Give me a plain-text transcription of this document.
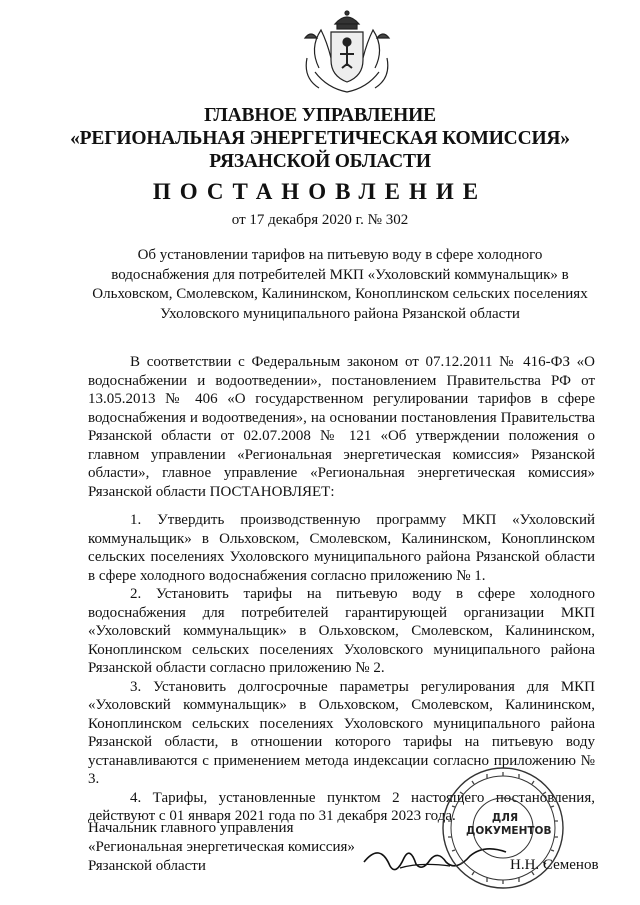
ГЛАВНОЕ УПРАВЛЕНИЕ
«РЕГИОНАЛЬНАЯ ЭНЕРГЕТИЧЕСКАЯ КОМИССИЯ»
РЯЗАНСКОЙ ОБЛАСТИ
ПОСТАНОВЛЕНИЕ
от 17 декабря 2020 г. № 302
Об установлении тарифов на питьевую воду в сфере холодного
водоснабжения для потребителей МКП «Ухоловский коммунальщик» в
Ольховском, Смолевском, Калининском, Коноплинском сельских поселениях
Ухоловского муниципального района Рязанской области
В соответствии с Федеральным законом от 07.12.2011 № 416-ФЗ «О водоснабжении и водоотведении», постановлением Правительства РФ от 13.05.2013 № 406 «О государственном регулировании тарифов в сфере водоснабжения и водоотведения», на основании постановления Правительства Рязанской области от 02.07.2008 № 121 «Об утверждении положения о главном управлении «Региональная энергетическая комиссия» Рязанской области», главное управление «Региональная энергетическая комиссия» Рязанской области ПОСТАНОВЛЯЕТ:

1. Утвердить производственную программу МКП «Ухоловский коммунальщик» в Ольховском, Смолевском, Калининском, Коноплинском сельских поселениях Ухоловского муниципального района Рязанской области в сфере холодного водоснабжения согласно приложению № 1.

2. Установить тарифы на питьевую воду в сфере холодного водоснабжения для потребителей гарантирующей организации МКП «Ухоловский коммунальщик» в Ольховском, Смолевском, Калининском, Коноплинском сельских поселениях Ухоловского муниципального района Рязанской области согласно приложению № 2.

3. Установить долгосрочные параметры регулирования для МКП «Ухоловский коммунальщик» в Ольховском, Смолевском, Калининском, Коноплинском сельских поселениях Ухоловского муниципального района Рязанской области, в отношении которого тарифы на питьевую воду устанавливаются с применением метода индексации согласно приложению № 3.

4. Тарифы, установленные пунктом 2 настоящего постановления, действуют с 01 января 2021 года по 31 декабря 2023 года.

Начальник главного управления
«Региональная энергетическая комиссия»
Рязанской области
ДЛЯ
ДОКУМЕНТОВ
Н.Н. Семенов
